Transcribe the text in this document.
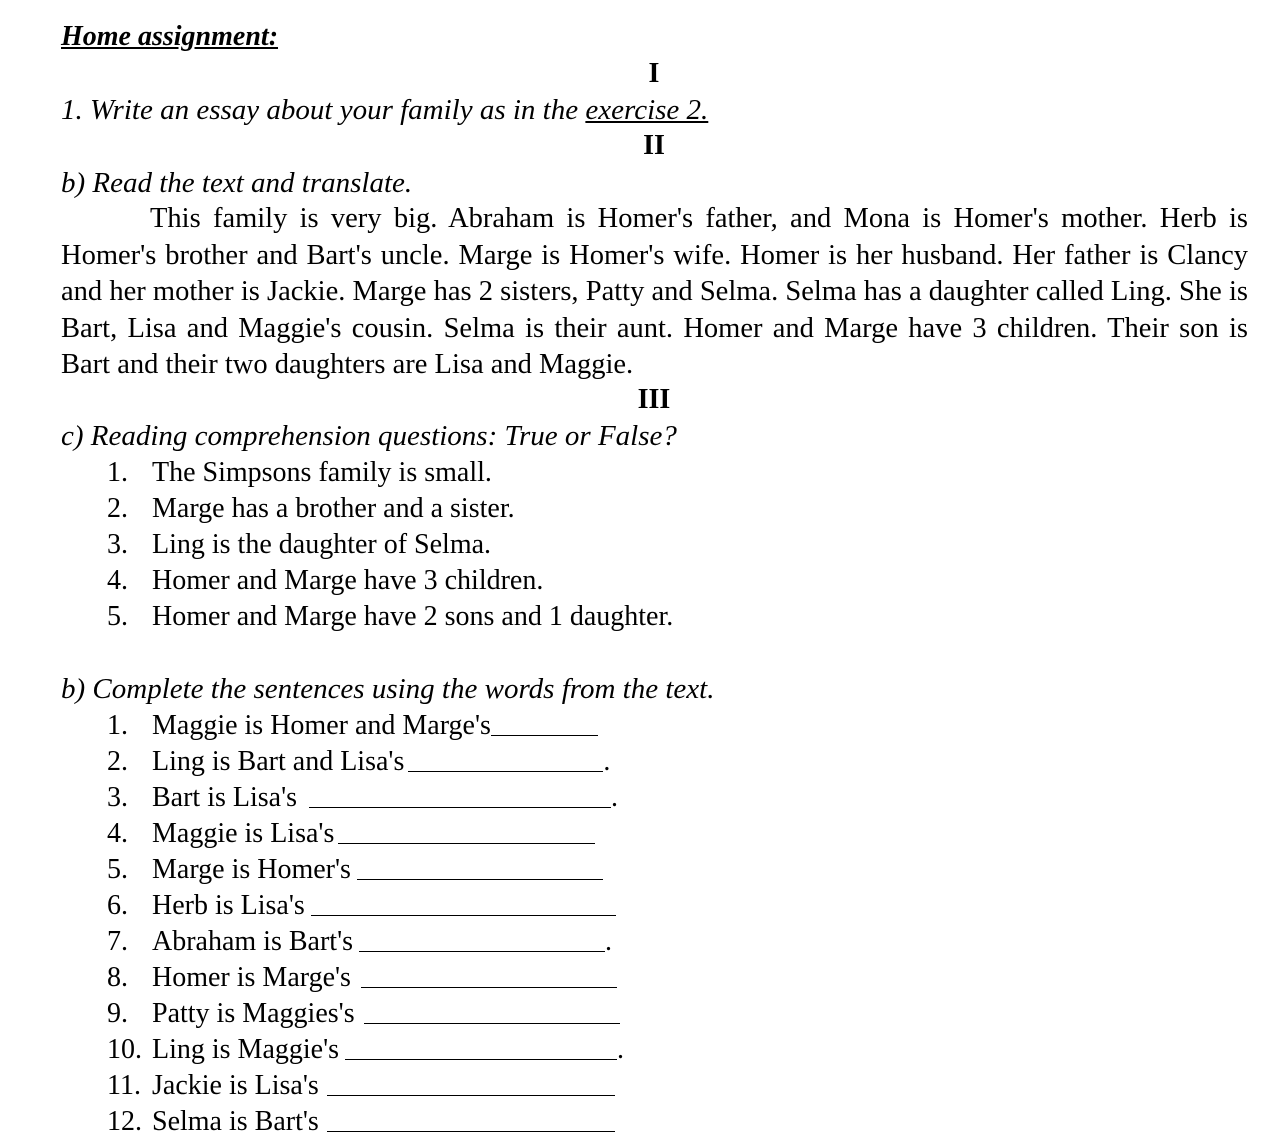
Home assignment:
I
1. Write an essay about your family as in the exercise 2.
II
b) Read the text and translate.
This family is very big. Abraham is Homer's father, and Mona is Homer's mother. Herb is Homer's brother and Bart's uncle. Marge is Homer's wife. Homer is her husband. Her father is Clancy and her mother is Jackie. Marge has 2 sisters, Patty and Selma. Selma has a daughter called Ling. She is Bart, Lisa and Maggie's cousin. Selma is their aunt. Homer and Marge have 3 children. Their son is Bart and their two daughters are Lisa and Maggie.
III
c) Reading comprehension questions: True or False?
1. The Simpsons family is small.
2. Marge has a brother and a sister.
3. Ling is the daughter of Selma.
4. Homer and Marge have 3 children.
5. Homer and Marge have 2 sons and 1 daughter.
b) Complete the sentences using the words from the text.
1. Maggie is Homer and Marge's
2. Ling is Bart and Lisa's	.
3. Bart is Lisa's	.
4. Maggie is Lisa's
5. Marge is Homer's
6. Herb is Lisa's
7. Abraham is Bart's	.
8. Homer is Marge's
9. Patty is Maggies's
10. Ling is Maggie's	.
11. Jackie is Lisa's
12. Selma is Bart's
